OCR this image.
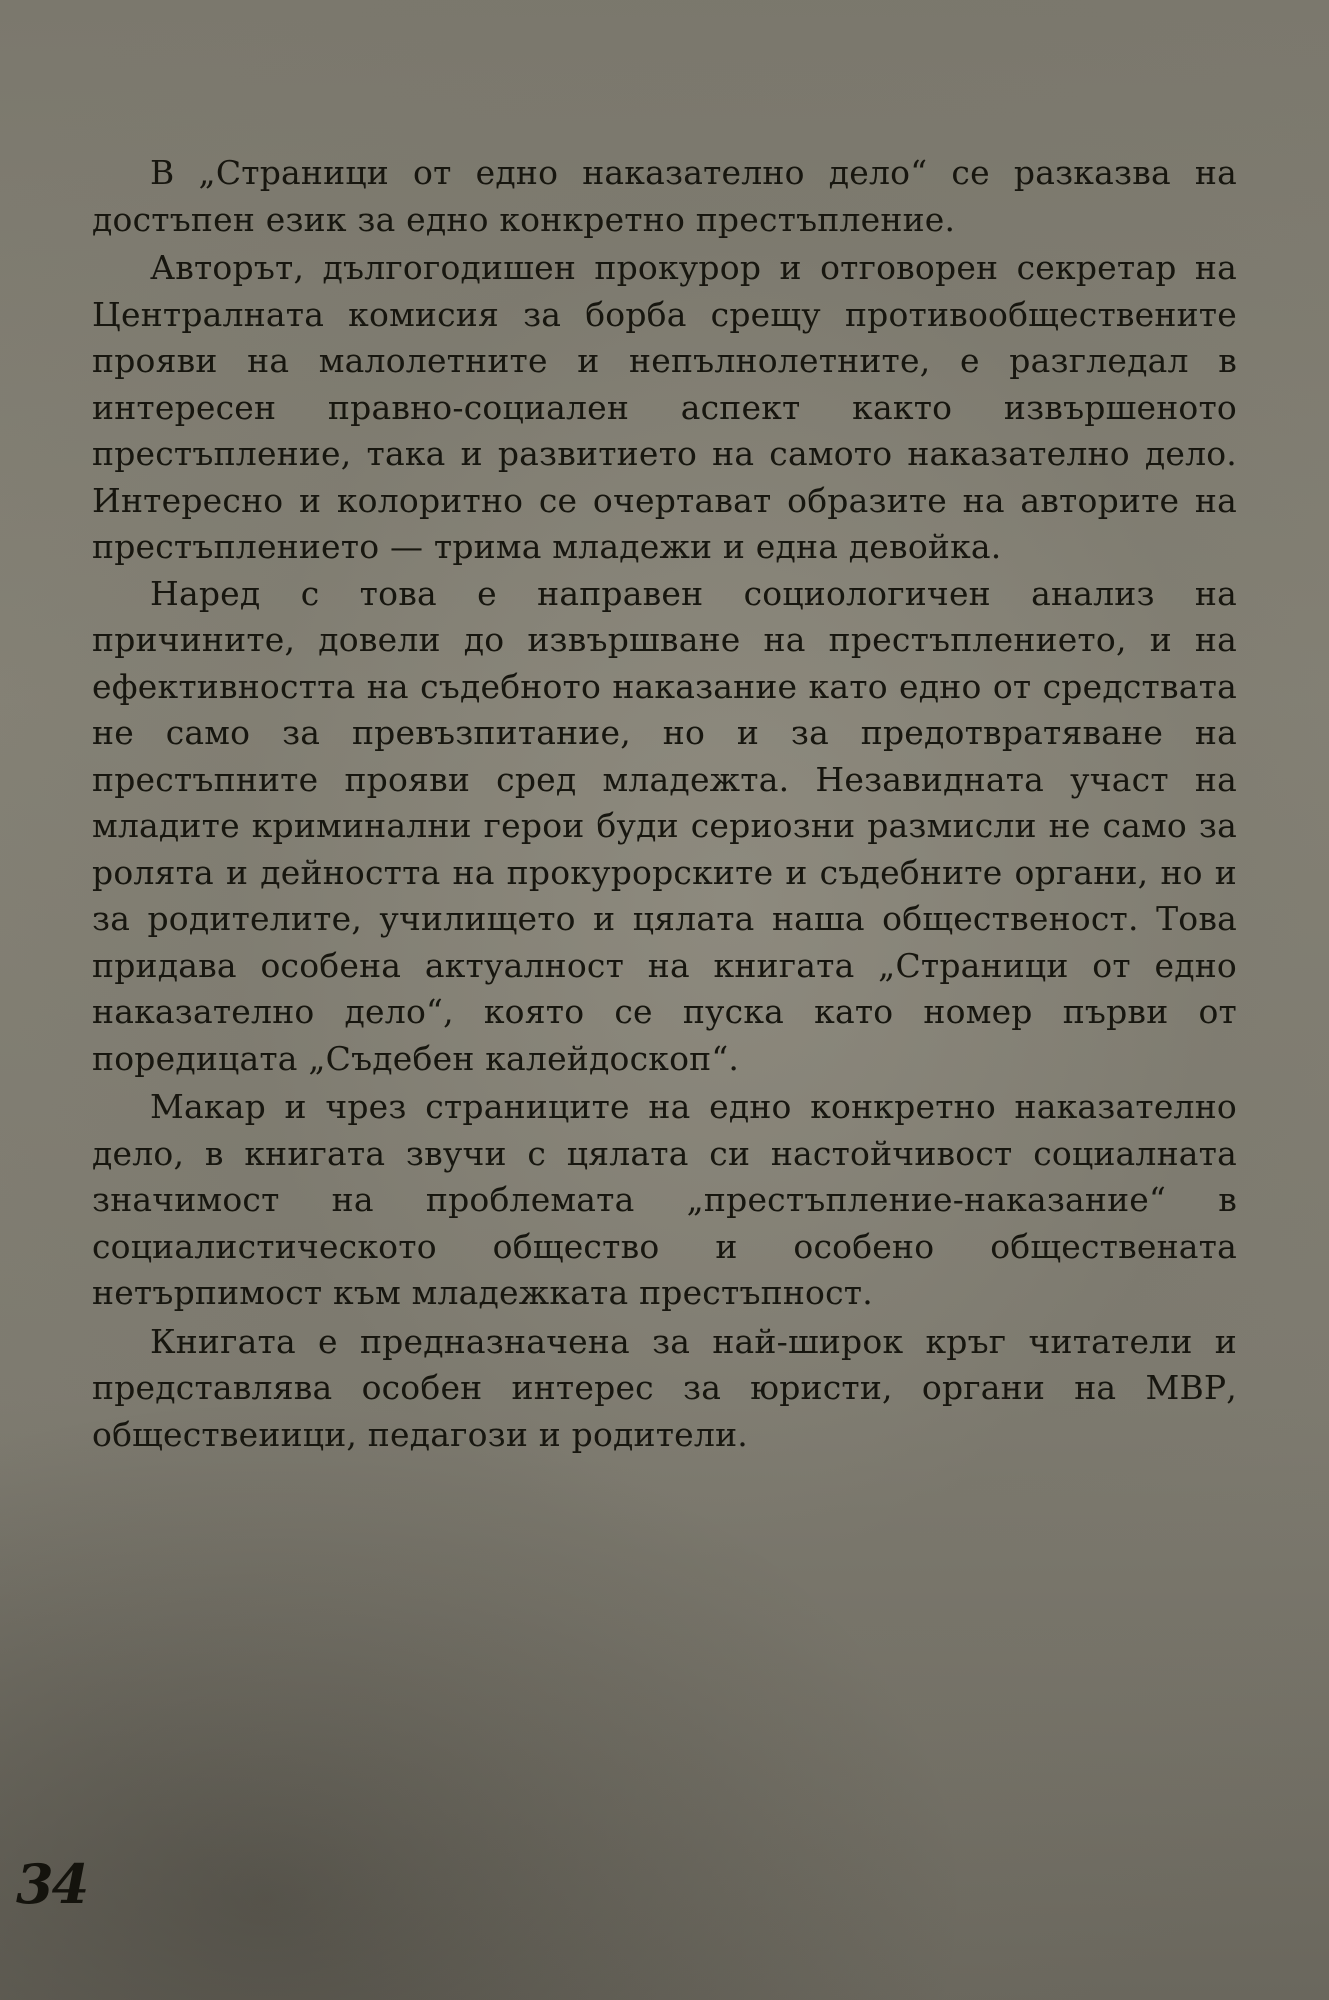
В „Страници от едно наказателно дело“ се разказва на достъпен език за едно конкретно престъпление.

Авторът, дългогодишен прокурор и отговорен секретар на Централната комисия за борба срещу противообществените прояви на малолетните и непълнолетните, е разгледал в интересен правно-социален аспект както извършеното престъпление, така и развитието на самото наказателно дело. Интересно и колоритно се очертават образите на авторите на престъплението — трима младежи и една девойка.

Наред с това е направен социологичен анализ на причините, довели до извършване на престъплението, и на ефективността на съдебното наказание като едно от средствата не само за превъзпитание, но и за предотвратяване на престъпните прояви сред младежта. Незавидната участ на младите криминални герои буди сериозни размисли не само за ролята и дейността на прокурорските и съдебните органи, но и за родителите, училището и цялата наша общественост. Това придава особена актуалност на книгата „Страници от едно наказателно дело“, която се пуска като номер първи от поредицата „Съдебен калейдоскоп“.

Макар и чрез страниците на едно конкретно наказателно дело, в книгата звучи с цялата си настойчивост социалната значимост на проблемата „престъпление-наказание“ в социалистическото общество и особено обществената нетърпимост към младежката престъпност.

Книгата е предназначена за най-широк кръг читатели и представлява особен интерес за юристи, органи на МВР, обществеиици, педагози и родители.

34
